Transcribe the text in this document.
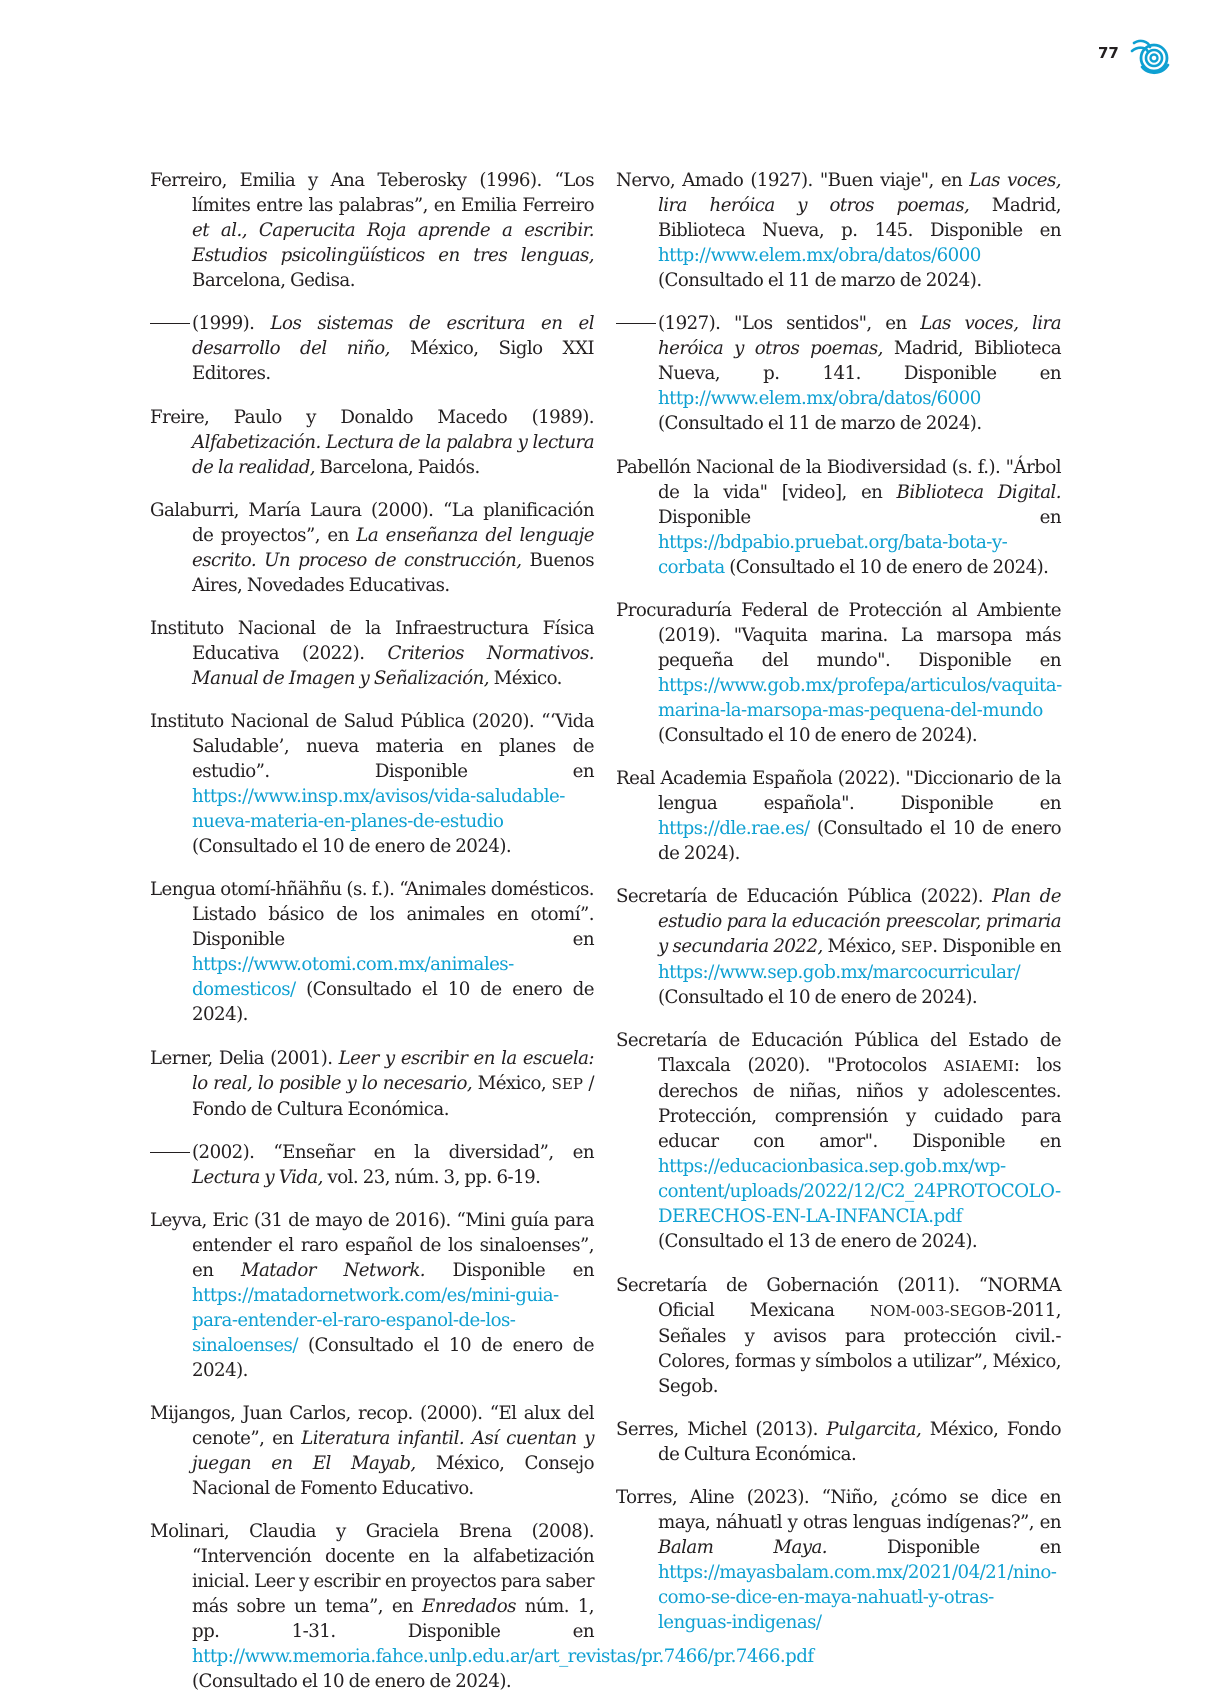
77

Ferreiro, Emilia y Ana Teberosky (1996). “Los límites entre las palabras”, en Emilia Ferreiro et al., Caperucita Roja aprende a escribir. Estudios psicolingüísticos en tres lenguas, Barcelona, Gedisa.

(1999). Los sistemas de escritura en el desarrollo del niño, México, Siglo XXI Editores.

Freire, Paulo y Donaldo Macedo (1989). Alfabetización. Lectura de la palabra y lectura de la realidad, Barcelona, Paidós.

Galaburri, María Laura (2000). “La planificación de proyectos”, en La enseñanza del lenguaje escrito. Un proceso de construcción, Buenos Aires, Novedades Educativas.

Instituto Nacional de la Infraestructura Física Educativa (2022). Criterios Normativos. Manual de Imagen y Señalización, México.

Instituto Nacional de Salud Pública (2020). “‘Vida Saludable’, nueva materia en planes de estudio”. Disponible en https://www.insp.mx/avisos/vida-saludable-nueva-materia-en-planes-de-estudio (Consultado el 10 de enero de 2024).

Lengua otomí-hñähñu (s. f.). “Animales domésticos. Listado básico de los animales en otomí”. Disponible en https://www.otomi.com.mx/animales-domesticos/ (Consultado el 10 de enero de 2024).

Lerner, Delia (2001). Leer y escribir en la escuela: lo real, lo posible y lo necesario, México, SEP / Fondo de Cultura Económica.

(2002). “Enseñar en la diversidad”, en Lectura y Vida, vol. 23, núm. 3, pp. 6-19.

Leyva, Eric (31 de mayo de 2016). “Mini guía para entender el raro español de los sinaloenses”, en Matador Network. Disponible en https://matadornetwork.com/es/mini-guia-para-entender-el-raro-espanol-de-los-sinaloenses/ (Consultado el 10 de enero de 2024).

Mijangos, Juan Carlos, recop. (2000). “El alux del cenote”, en Literatura infantil. Así cuentan y juegan en El Mayab, México, Consejo Nacional de Fomento Educativo.

Molinari, Claudia y Graciela Brena (2008). “Intervención docente en la alfabetización inicial. Leer y escribir en proyectos para saber más sobre un tema”, en Enredados núm. 1, pp. 1-31. Disponible en http://www.memoria.fahce.unlp.edu.ar/art_revistas/pr.7466/pr.7466.pdf (Consultado el 10 de enero de 2024).

Nervo, Amado (1927). "Buen viaje", en Las voces, lira heróica y otros poemas, Madrid, Biblioteca Nueva, p. 145. Disponible en http://www.elem.mx/obra/datos/6000 (Consultado el 11 de marzo de 2024).

(1927). "Los sentidos", en Las voces, lira heróica y otros poemas, Madrid, Biblioteca Nueva, p. 141. Disponible en http://www.elem.mx/obra/datos/6000 (Consultado el 11 de marzo de 2024).

Pabellón Nacional de la Biodiversidad (s. f.). "Árbol de la vida" [video], en Biblioteca Digital. Disponible en https://bdpabio.pruebat.org/bata-bota-y-corbata (Consultado el 10 de enero de 2024).

Procuraduría Federal de Protección al Ambiente (2019). "Vaquita marina. La marsopa más pequeña del mundo". Disponible en https://www.gob.mx/profepa/articulos/vaquita-marina-la-marsopa-mas-pequena-del-mundo (Consultado el 10 de enero de 2024).

Real Academia Española (2022). "Diccionario de la lengua española". Disponible en https://dle.rae.es/ (Consultado el 10 de enero de 2024).

Secretaría de Educación Pública (2022). Plan de estudio para la educación preescolar, primaria y secundaria 2022, México, SEP. Disponible en https://www.sep.gob.mx/marcocurricular/ (Consultado el 10 de enero de 2024).

Secretaría de Educación Pública del Estado de Tlaxcala (2020). "Protocolos ASIAEMI: los derechos de niñas, niños y adolescentes. Protección, comprensión y cuidado para educar con amor". Disponible en https://educacionbasica.sep.gob.mx/wp-content/uploads/2022/12/C2_24PROTOCOLO-DERECHOS-EN-LA-INFANCIA.pdf (Consultado el 13 de enero de 2024).

Secretaría de Gobernación (2011). “NORMA Oficial Mexicana NOM-003-SEGOB-2011, Señales y avisos para protección civil.- Colores, formas y símbolos a utilizar”, México, Segob.

Serres, Michel (2013). Pulgarcita, México, Fondo de Cultura Económica.

Torres, Aline (2023). “Niño, ¿cómo se dice en maya, náhuatl y otras lenguas indígenas?”, en Balam Maya. Disponible en https://mayasbalam.com.mx/2021/04/21/nino-como-se-dice-en-maya-nahuatl-y-otras-lenguas-indigenas/
